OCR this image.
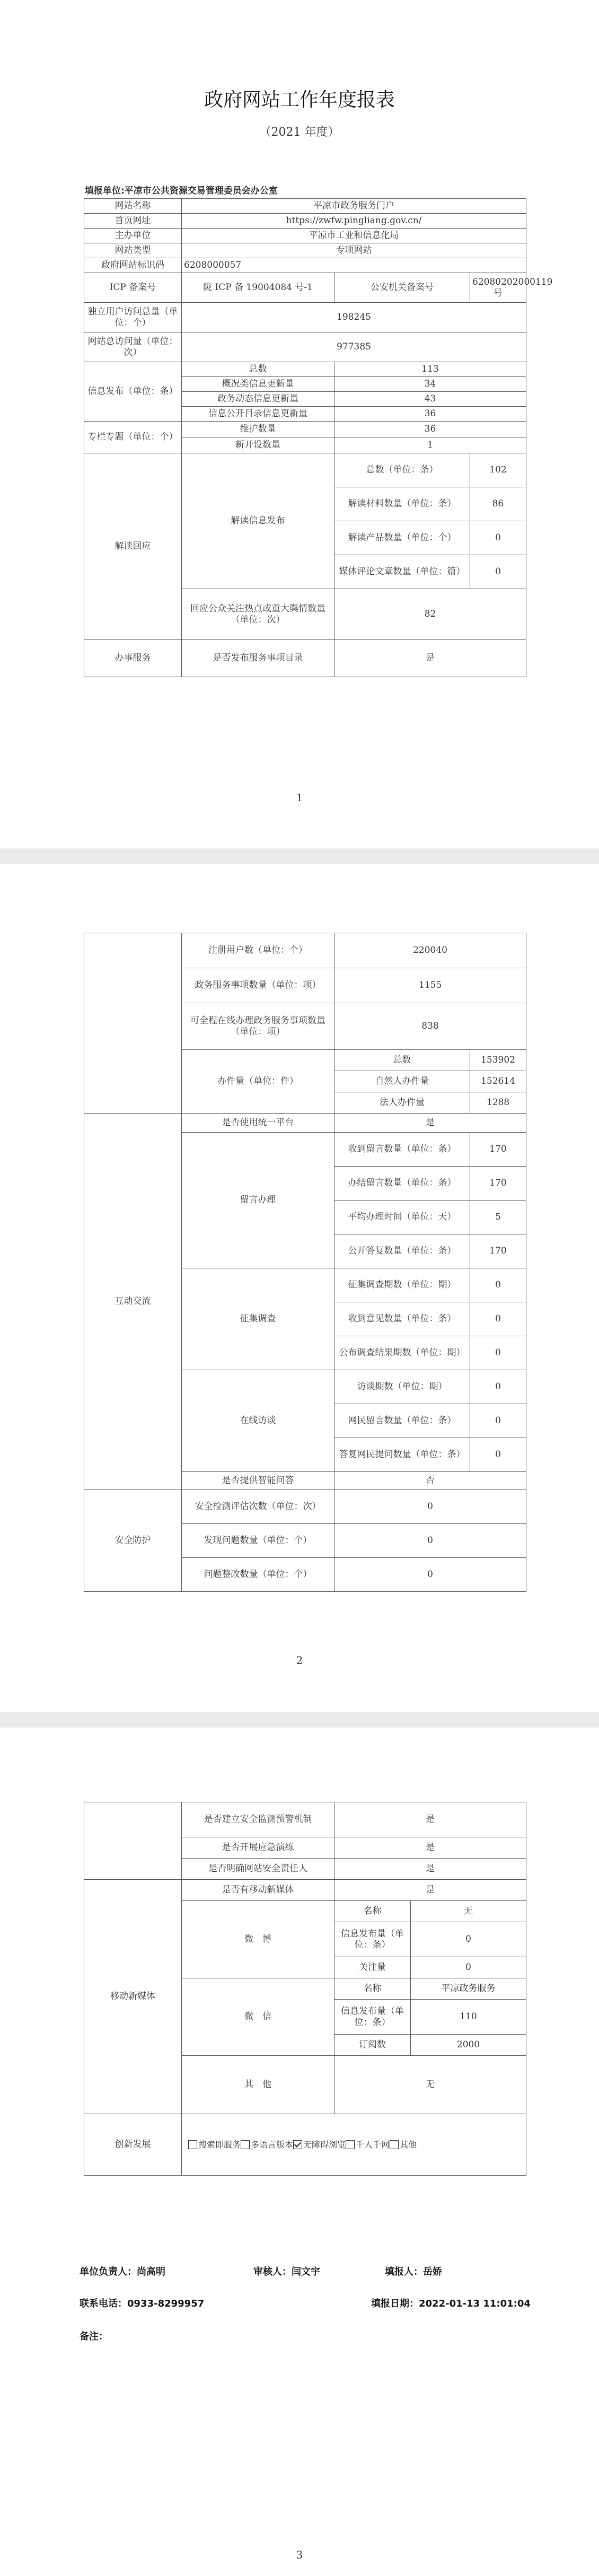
政府网站工作年度报表
（2021 年度）
填报单位:平凉市公共资源交易管理委员会办公室
网站名称	平凉市政务服务门户		
首页网址	https://zwfw.pingliang.gov.cn/		
主办单位	平凉市工业和信息化局		
网站类型	专项网站		
政府网站标识码	6208000057		
ICP 备案号	陇 ICP 备 19004084 号-1	公安机关备案号	62080202000119 号
独立用户访问总量（单位：个）	198245		
网站总访问量（单位：次）	977385		
信息发布（单位：条）	总数	113	
	概况类信息更新量	34	
	政务动态信息更新量	43	
	信息公开目录信息更新量	36	
专栏专题（单位：个）	维护数量	36	
	新开设数量	1	
解读回应	解读信息发布	总数（单位：条）	102
		解读材料数量（单位：条）	86
		解读产品数量（单位：个）	0
		媒体评论文章数量（单位：篇）	0
	回应公众关注热点或重大舆情数量（单位：次）	82	
办事服务	是否发布服务事项目录	是	
1
	注册用户数（单位：个）	220040	
	政务服务事项数量（单位：项）	1155	
	可全程在线办理政务服务事项数量（单位：项）	838	
	办件量（单位：件）	总数	153902
		自然人办件量	152614
		法人办件量	1288

互动交流	是否使用统一平台	是	
	留言办理	收到留言数量（单位：条）	170
		办结留言数量（单位：条）	170
		平均办理时间（单位：天）	5
		公开答复数量（单位：条）	170
	征集调查	征集调查期数（单位：期）	0
		收到意见数量（单位：条）	0
		公布调查结果期数（单位：期）	0
	在线访谈	访谈期数（单位：期）	0
		网民留言数量（单位：条）	0
		答复网民提问数量（单位：条）	0
	是否提供智能问答	否	
安全防护	安全检测评估次数（单位：次）	0	
	发现问题数量（单位：个）	0	
	问题整改数量（单位：个）	0	
2
	是否建立安全监测预警机制	是	
	是否开展应急演练	是	
	是否明确网站安全责任人	是	
移动新媒体	是否有移动新媒体	是	
	微　博	名称	无
		信息发布量（单位：条）	0
		关注量	0
	微　信	名称	平凉政务服务
		信息发布量（单位：条）	110
		订阅数	2000
	其　他	无	
创新发展	搜索即服务 多语言版本 无障碍浏览 千人千网 其他		
单位负责人：尚高明	审核人：闫文宇	填报人：岳娇
联系电话：0933-8299957	填报日期：2022-01-13 11:01:04
备注：
3
